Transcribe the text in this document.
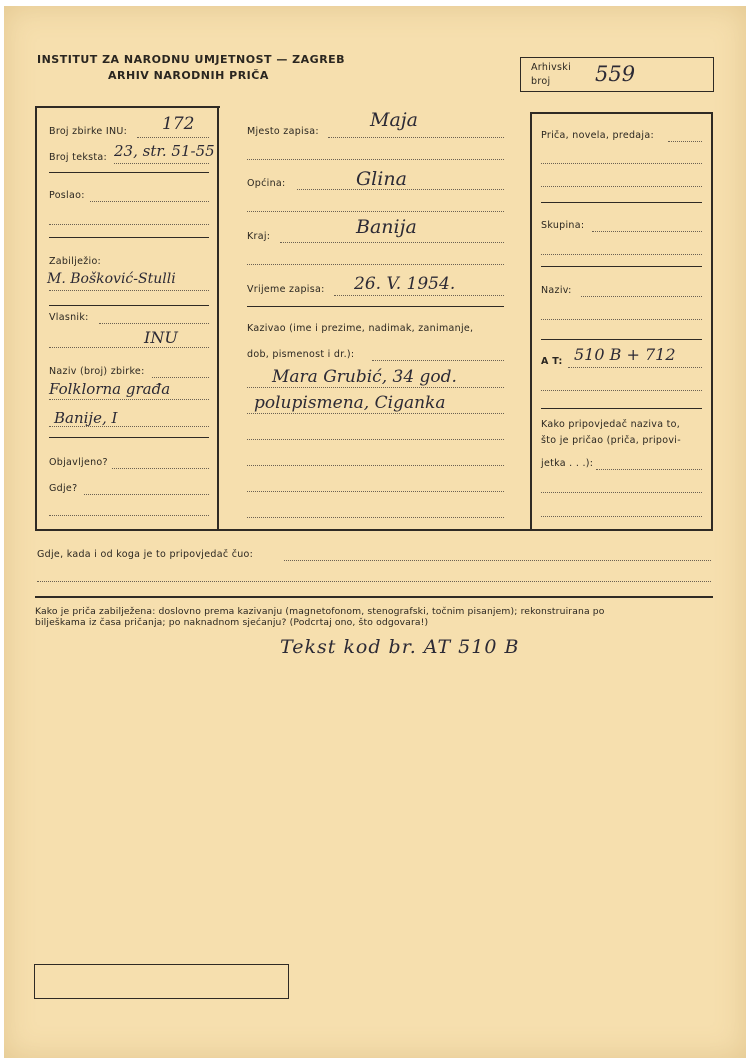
INSTITUT ZA NARODNU UMJETNOST — ZAGREB
ARHIV NARODNIH PRIČA
Arhivski
broj 559
Broj zbirke INU: 172
Broj teksta: 23, str. 51-55
Poslao:
Zabilježio:
M. Bošković-Stulli
Vlasnik:
INU
Naziv (broj) zbirke:
Folklorna građa
Banije, I
Objavljeno?
Gdje?
Mjesto zapisa:
Maja
Općina:	Glina
Kraj:	Banija
Vrijeme zapisa: 26. V. 1954.
Kazivao (ime i prezime, nadimak, zanimanje,
dob, pismenost i dr.):
Mara Grubić, 34 god.
polupismena, Ciganka
Priča, novela, predaja:
Skupina:
Naziv:
A T: 510 B + 712
Kako pripovjedač naziva to,
što je pričao (priča, pripovi-
jetka . . .):
Gdje, kada i od koga je to pripovjedač čuo:
Kako je priča zabilježena: doslovno prema kazivanju (magnetofonom, stenografski, točnim pisanjem); rekonstruirana po
bilješkama iz časa pričanja; po naknadnom sjećanju? (Podcrtaj ono, što odgovara!)
Tekst kod br. AT 510 B
